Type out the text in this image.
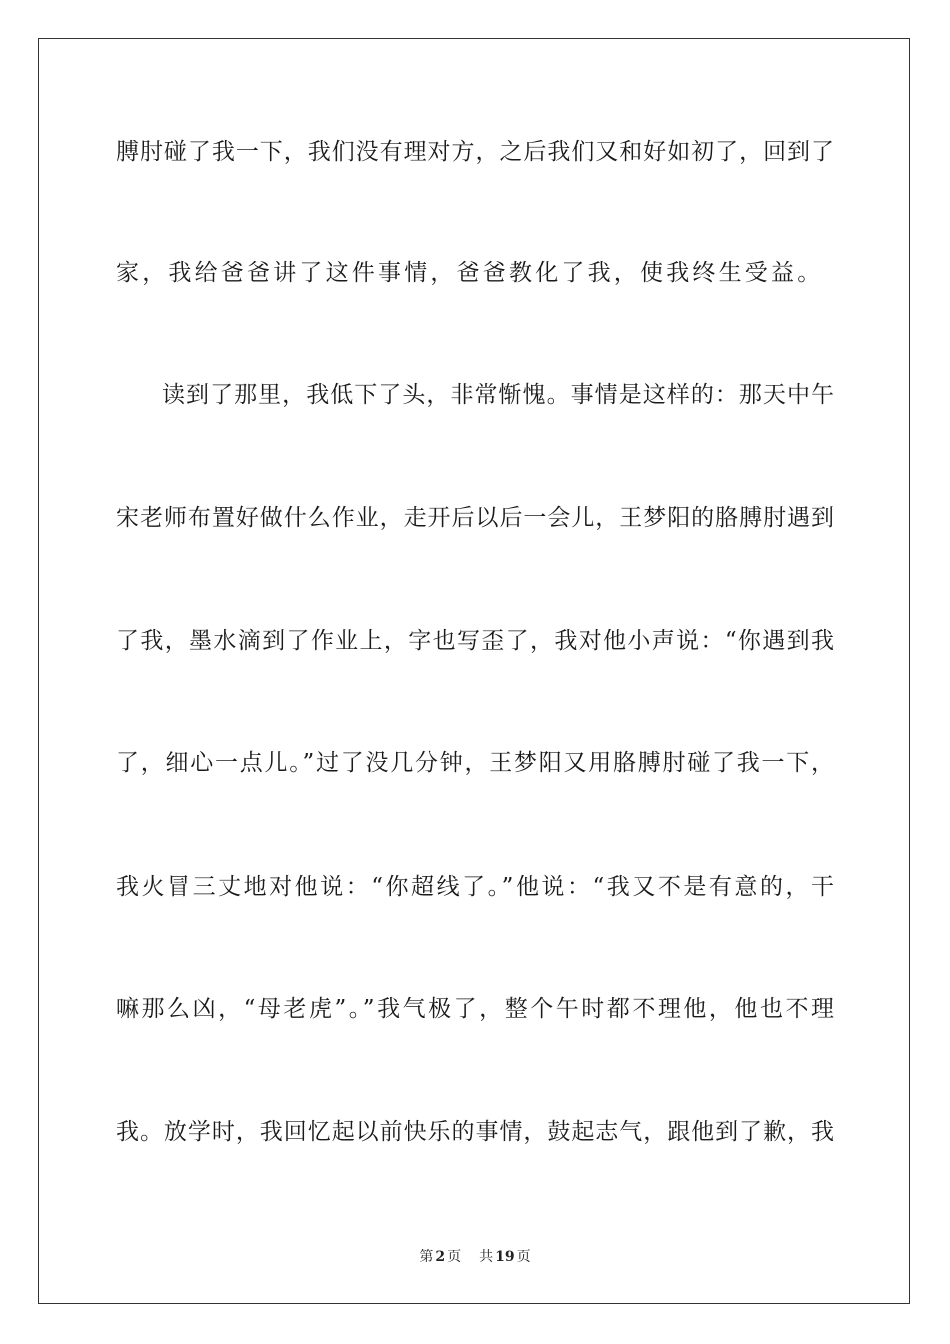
膊肘碰了我一下，我们没有理对方，之后我们又和好如初了，回到了
家，我给爸爸讲了这件事情，爸爸教化了我，使我终生受益。
读到了那里，我低下了头，非常惭愧。事情是这样的：那天中午
宋老师布置好做什么作业，走开后以后一会儿，王梦阳的胳膊肘遇到
了我，墨水滴到了作业上，字也写歪了，我对他小声说：“你遇到我
了，细心一点儿。”过了没几分钟，王梦阳又用胳膊肘碰了我一下，
我火冒三丈地对他说：“你超线了。”他说：“我又不是有意的，干
嘛那么凶，“母老虎”。”我气极了，整个午时都不理他，他也不理
我。放学时，我回忆起以前快乐的事情，鼓起志气，跟他到了歉，我
第 2 页 共 19 页
